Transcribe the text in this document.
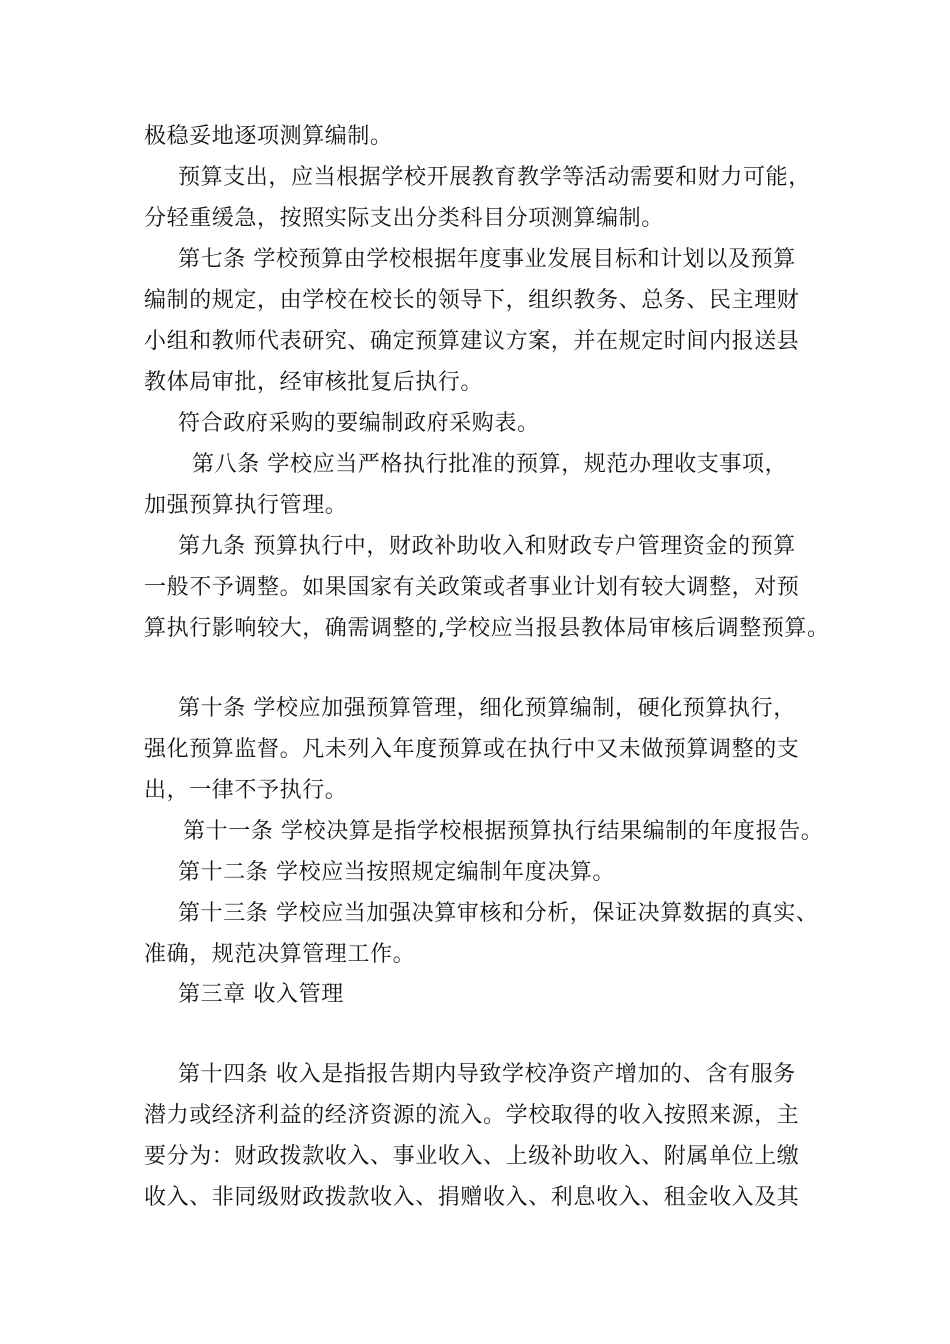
极稳妥地逐项测算编制。
预算支出，应当根据学校开展教育教学等活动需要和财力可能，
分轻重缓急，按照实际支出分类科目分项测算编制。
第七条 学校预算由学校根据年度事业发展目标和计划以及预算
编制的规定，由学校在校长的领导下，组织教务、总务、民主理财
小组和教师代表研究、确定预算建议方案，并在规定时间内报送县
教体局审批，经审核批复后执行。
符合政府采购的要编制政府采购表。
第八条 学校应当严格执行批准的预算，规范办理收支事项，
加强预算执行管理。
第九条 预算执行中，财政补助收入和财政专户管理资金的预算
一般不予调整。如果国家有关政策或者事业计划有较大调整，对预
算执行影响较大，确需调整的,学校应当报县教体局审核后调整预算。
第十条 学校应加强预算管理，细化预算编制，硬化预算执行，
强化预算监督。凡未列入年度预算或在执行中又未做预算调整的支
出，一律不予执行。
第十一条 学校决算是指学校根据预算执行结果编制的年度报告。
第十二条 学校应当按照规定编制年度决算。
第十三条 学校应当加强决算审核和分析，保证决算数据的真实、
准确，规范决算管理工作。
第三章 收入管理
第十四条 收入是指报告期内导致学校净资产增加的、含有服务
潜力或经济利益的经济资源的流入。学校取得的收入按照来源，主
要分为：财政拨款收入、事业收入、上级补助收入、附属单位上缴
收入、非同级财政拨款收入、捐赠收入、利息收入、租金收入及其
